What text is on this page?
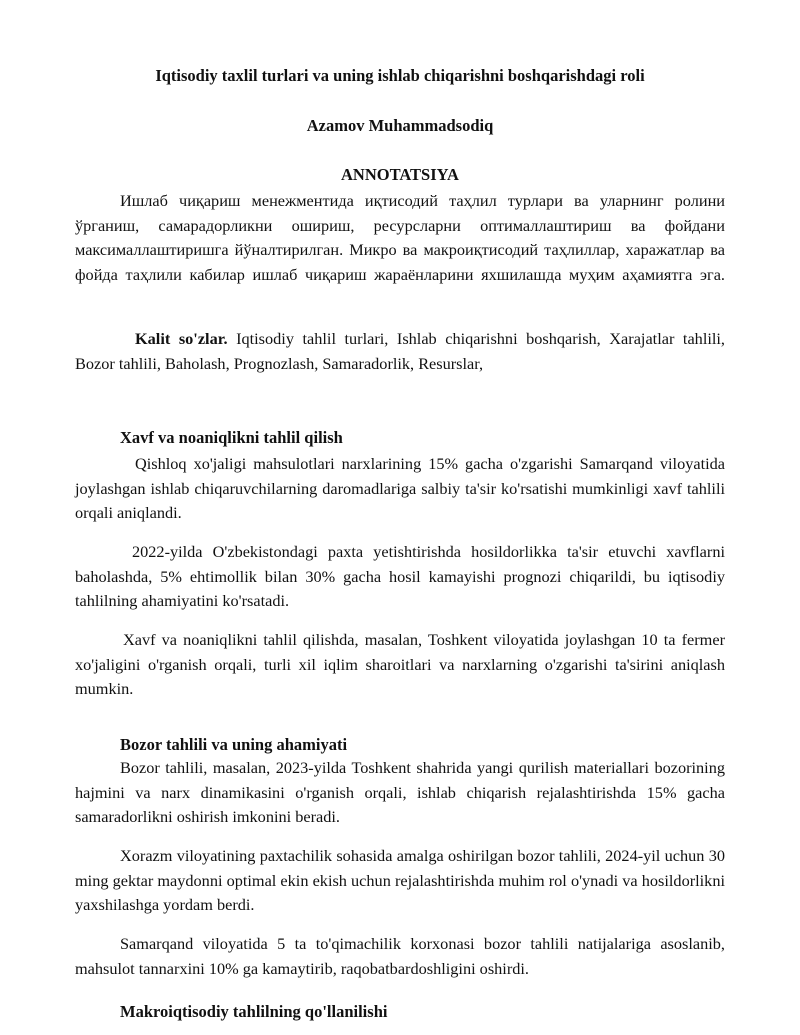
Iqtisodiy taxlil turlari va uning ishlab chiqarishni boshqarishdagi roli
Azamov Muhammadsodiq
ANNOTATSIYA
Ишлаб чиқариш менежментида иқтисодий таҳлил турлари ва уларнинг ролини ўрганиш, самарадорликни ошириш, ресурсларни оптималлаштириш ва фойдани максималлаштиришга йўналтирилган. Микро ва макроиқтисодий таҳлиллар, харажатлар ва фойда таҳлили кабилар ишлаб чиқариш жараёнларини яхшилашда муҳим аҳамиятга эга.
Kalit so'zlar. Iqtisodiy tahlil turlari, Ishlab chiqarishni boshqarish, Xarajatlar tahlili, Bozor tahlili, Baholash, Prognozlash, Samaradorlik, Resurslar,
Xavf va noaniqlikni tahlil qilish
Qishloq xo'jaligi mahsulotlari narxlarining 15% gacha o'zgarishi Samarqand viloyatida joylashgan ishlab chiqaruvchilarning daromadlariga salbiy ta'sir ko'rsatishi mumkinligi xavf tahlili orqali aniqlandi.
2022-yilda O'zbekistondagi paxta yetishtirishda hosildorlikka ta'sir etuvchi xavflarni baholashda, 5% ehtimollik bilan 30% gacha hosil kamayishi prognozi chiqarildi, bu iqtisodiy tahlilning ahamiyatini ko'rsatadi.
Xavf va noaniqlikni tahlil qilishda, masalan, Toshkent viloyatida joylashgan 10 ta fermer xo'jaligini o'rganish orqali, turli xil iqlim sharoitlari va narxlarning o'zgarishi ta'sirini aniqlash mumkin.
Bozor tahlili va uning ahamiyati
Bozor tahlili, masalan, 2023-yilda Toshkent shahrida yangi qurilish materiallari bozorining hajmini va narx dinamikasini o'rganish orqali, ishlab chiqarish rejalashtirishda 15% gacha samaradorlikni oshirish imkonini beradi.
Xorazm viloyatining paxtachilik sohasida amalga oshirilgan bozor tahlili, 2024-yil uchun 30 ming gektar maydonni optimal ekin ekish uchun rejalashtirishda muhim rol o'ynadi va hosildorlikni yaxshilashga yordam berdi.
Samarqand viloyatida 5 ta to'qimachilik korxonasi bozor tahlili natijalariga asoslanib, mahsulot tannarxini 10% ga kamaytirib, raqobatbardoshligini oshirdi.
Makroiqtisodiy tahlilning qo'llanilishi
